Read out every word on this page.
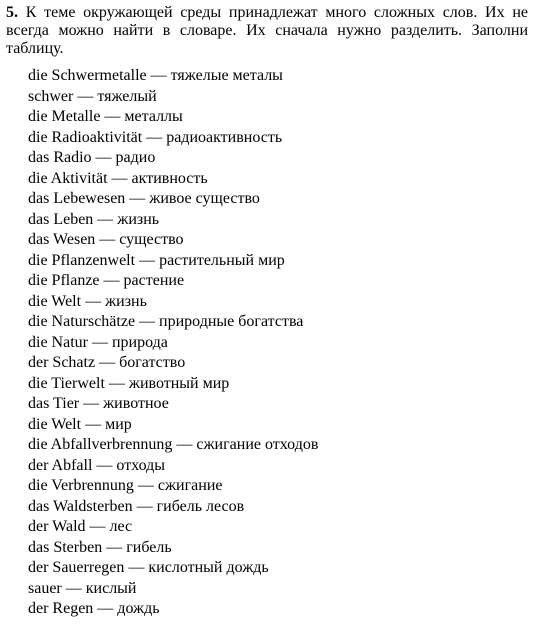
5. К теме окружающей среды принадлежат много сложных слов. Их не всегда можно найти в словаре. Их сначала нужно разделить. Заполни таблицу.

die Schwermetalle — тяжелые металы
schwer — тяжелый
die Metalle — металлы
die Radioaktivität — радиоактивность
das Radio — радио
die Aktivität — активность
das Lebewesen — живое существо
das Leben — жизнь
das Wesen — существо
die Pflanzenwelt — растительный мир
die Pflanze — растение
die Welt — жизнь
die Naturschätze — природные богатства
die Natur — природа
der Schatz — богатство
die Tierwelt — животный мир
das Tier — животное
die Welt — мир
die Abfallverbrennung — сжигание отходов
der Abfall — отходы
die Verbrennung — сжигание
das Waldsterben — гибель лесов
der Wald — лес
das Sterben — гибель
der Sauerregen — кислотный дождь
sauer — кислый
der Regen — дождь
